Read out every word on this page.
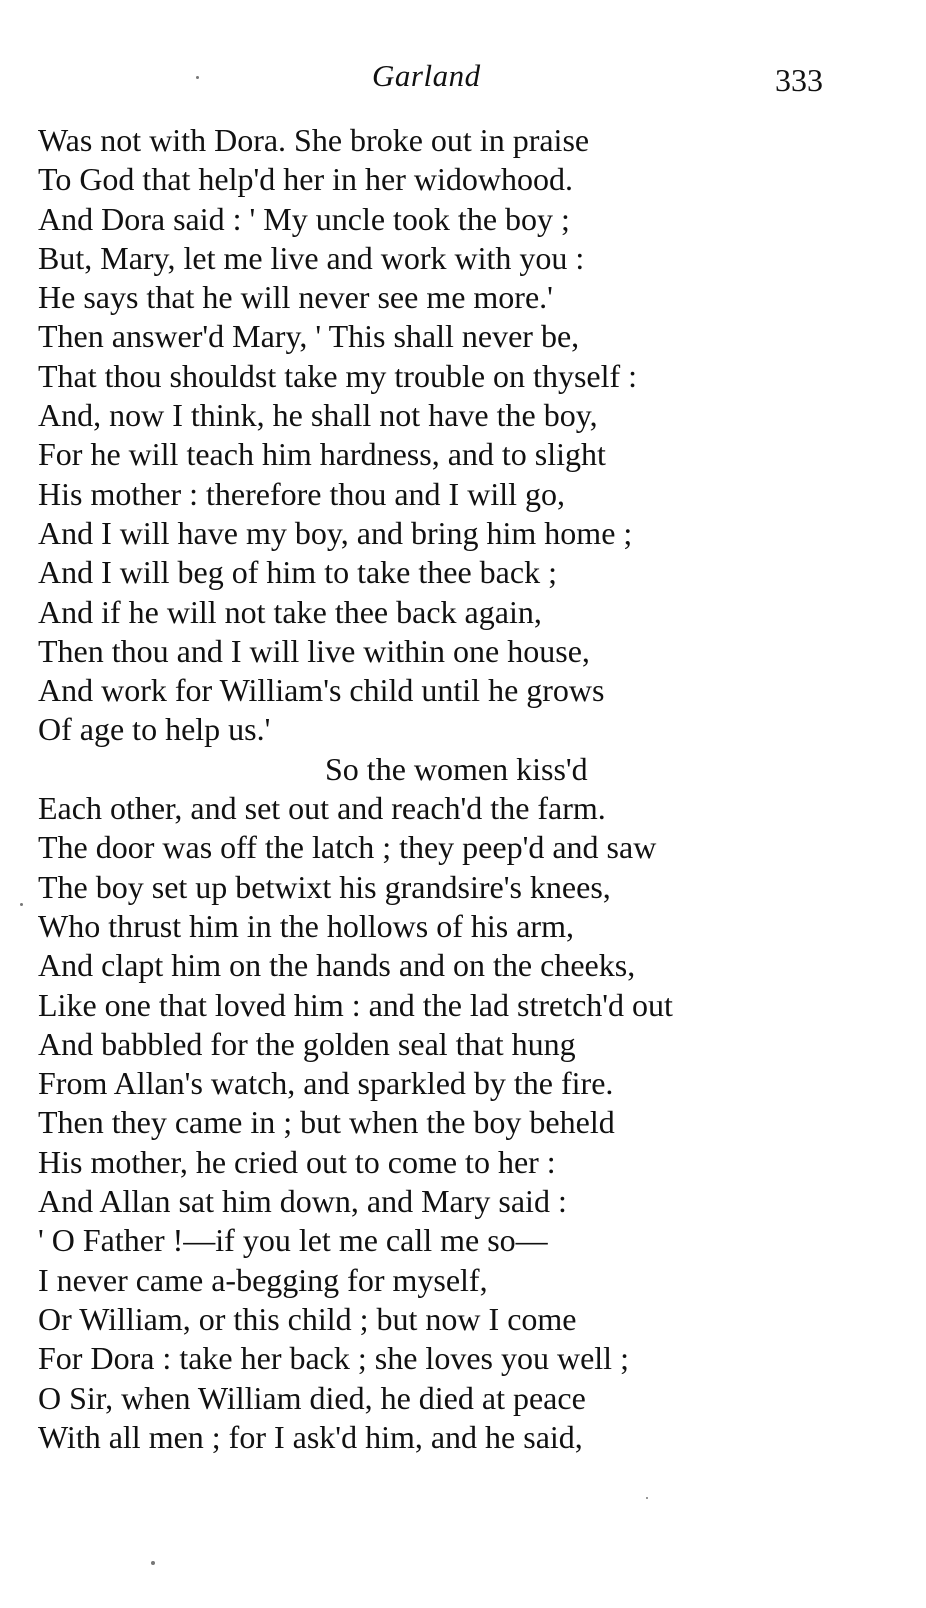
Garland	333
Was not with Dora. She broke out in praise
To God that help'd her in her widowhood.
And Dora said : ' My uncle took the boy ;
But, Mary, let me live and work with you :
He says that he will never see me more.'
Then answer'd Mary, ' This shall never be,
That thou shouldst take my trouble on thyself :
And, now I think, he shall not have the boy,
For he will teach him hardness, and to slight
His mother : therefore thou and I will go,
And I will have my boy, and bring him home ;
And I will beg of him to take thee back ;
And if he will not take thee back again,
Then thou and I will live within one house,
And work for William's child until he grows
Of age to help us.'
So the women kiss'd
Each other, and set out and reach'd the farm.
The door was off the latch ; they peep'd and saw
The boy set up betwixt his grandsire's knees,
Who thrust him in the hollows of his arm,
And clapt him on the hands and on the cheeks,
Like one that loved him : and the lad stretch'd out
And babbled for the golden seal that hung
From Allan's watch, and sparkled by the fire.
Then they came in ; but when the boy beheld
His mother, he cried out to come to her :
And Allan sat him down, and Mary said :
' O Father !—if you let me call me so—
I never came a-begging for myself,
Or William, or this child ; but now I come
For Dora : take her back ; she loves you well ;
O Sir, when William died, he died at peace
With all men ; for I ask'd him, and he said,
